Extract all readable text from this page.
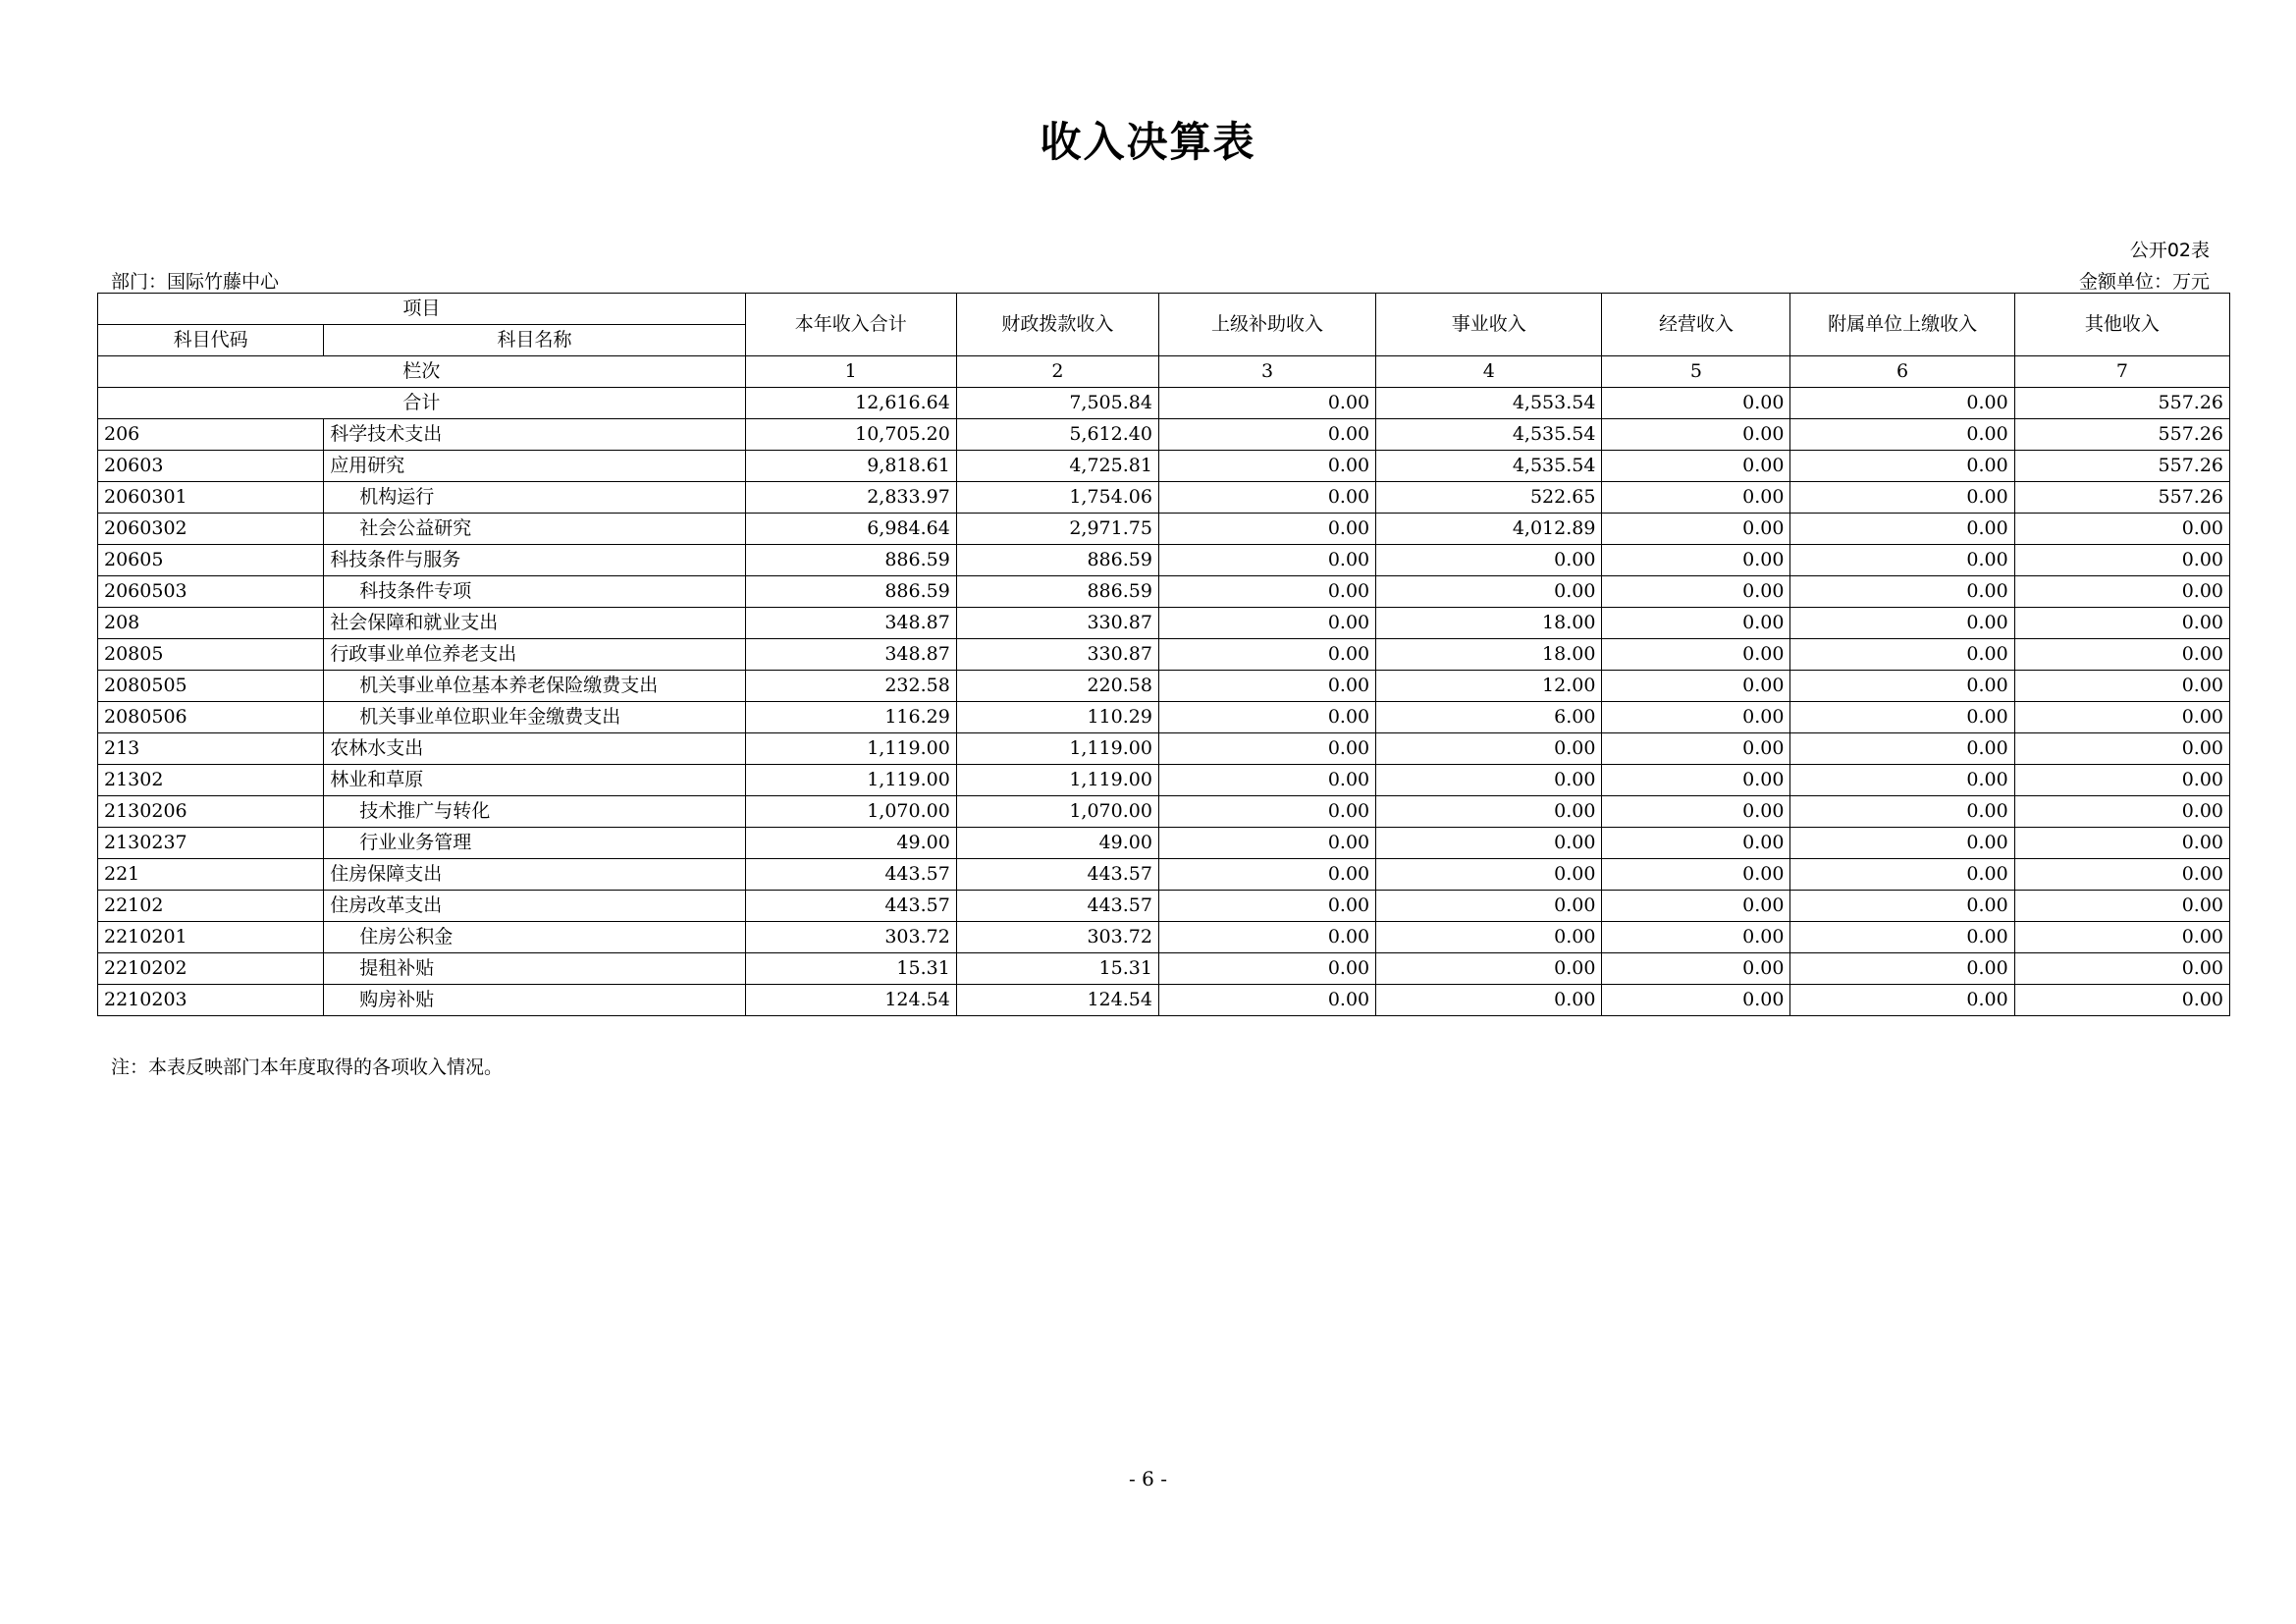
收入决算表
公开02表
部门：国际竹藤中心	金额单位：万元
项目		本年收入合计	财政拨款收入	上级补助收入	事业收入	经营收入	附属单位上缴收入	其他收入
科目代码	科目名称							
栏次		1	2	3	4	5	6	7
合计		12,616.64	7,505.84	0.00	4,553.54	0.00	0.00	557.26
206	科学技术支出	10,705.20	5,612.40	0.00	4,535.54	0.00	0.00	557.26
20603	应用研究	9,818.61	4,725.81	0.00	4,535.54	0.00	0.00	557.26
2060301	机构运行	2,833.97	1,754.06	0.00	522.65	0.00	0.00	557.26
2060302	社会公益研究	6,984.64	2,971.75	0.00	4,012.89	0.00	0.00	0.00
20605	科技条件与服务	886.59	886.59	0.00	0.00	0.00	0.00	0.00
2060503	科技条件专项	886.59	886.59	0.00	0.00	0.00	0.00	0.00
208	社会保障和就业支出	348.87	330.87	0.00	18.00	0.00	0.00	0.00
20805	行政事业单位养老支出	348.87	330.87	0.00	18.00	0.00	0.00	0.00
2080505	机关事业单位基本养老保险缴费支出	232.58	220.58	0.00	12.00	0.00	0.00	0.00
2080506	机关事业单位职业年金缴费支出	116.29	110.29	0.00	6.00	0.00	0.00	0.00
213	农林水支出	1,119.00	1,119.00	0.00	0.00	0.00	0.00	0.00
21302	林业和草原	1,119.00	1,119.00	0.00	0.00	0.00	0.00	0.00
2130206	技术推广与转化	1,070.00	1,070.00	0.00	0.00	0.00	0.00	0.00
2130237	行业业务管理	49.00	49.00	0.00	0.00	0.00	0.00	0.00
221	住房保障支出	443.57	443.57	0.00	0.00	0.00	0.00	0.00
22102	住房改革支出	443.57	443.57	0.00	0.00	0.00	0.00	0.00
2210201	住房公积金	303.72	303.72	0.00	0.00	0.00	0.00	0.00
2210202	提租补贴	15.31	15.31	0.00	0.00	0.00	0.00	0.00
2210203	购房补贴	124.54	124.54	0.00	0.00	0.00	0.00	0.00
注：本表反映部门本年度取得的各项收入情况。
- 6 -
